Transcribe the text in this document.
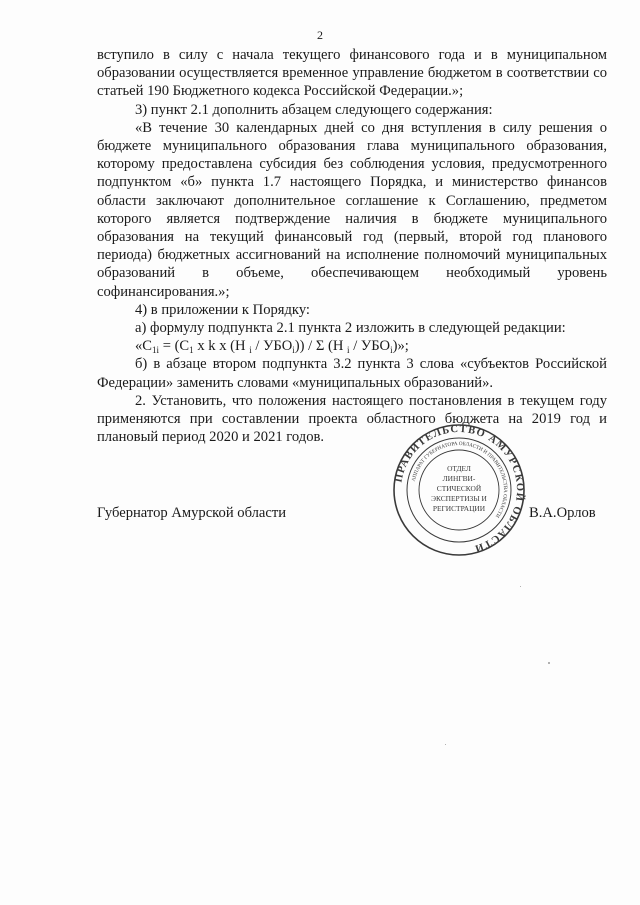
2

вступило в силу с начала текущего финансового года и в муниципальном образовании осуществляется временное управление бюджетом в соответствии со статьей 190 Бюджетного кодекса Российской Федерации.»;

3) пункт 2.1 дополнить абзацем следующего содержания:

«В течение 30 календарных дней со дня вступления в силу решения о бюджете муниципального образования глава муниципального образования, которому предоставлена субсидия без соблюдения условия, предусмотренного подпунктом «б» пункта 1.7 настоящего Порядка, и министерство финансов области заключают дополнительное соглашение к Соглашению, предметом которого является подтверждение наличия в бюджете муниципального образования на текущий финансовый год (первый, второй год планового периода) бюджетных ассигнований на исполнение полномочий муниципальных образований в объеме, обеспечивающем необходимый уровень софинансирования.»;

4) в приложении к Порядку:

а) формулу подпункта 2.1 пункта 2 изложить в следующей редакции:

«$С_{1i} = (С_1$ x k x (Н $_i / УБО_i$)) / Σ (Н $_i / УБО_i$)»;

б) в абзаце втором подпункта 3.2 пункта 3 слова «субъектов Российской Федерации» заменить словами «муниципальных образований».

2. Установить, что положения настоящего постановления в текущем году применяются при составлении проекта областного бюджета на 2019 год и плановый период 2020 и 2021 годов.

ПРАВИТЕЛЬСТВО АМУРСКОЙ ОБЛАСТИ
АППАРАТ ГУБЕРНАТОРА ОБЛАСТИ И ПРАВИТЕЛЬСТВА ОБЛАСТИ
ОТДЕЛ
ЛИНГВИ-
СТИЧЕСКОЙ
ЭКСПЕРТИЗЫ И
РЕГИСТРАЦИИ
Губернатор Амурской области	В.А.Орлов
